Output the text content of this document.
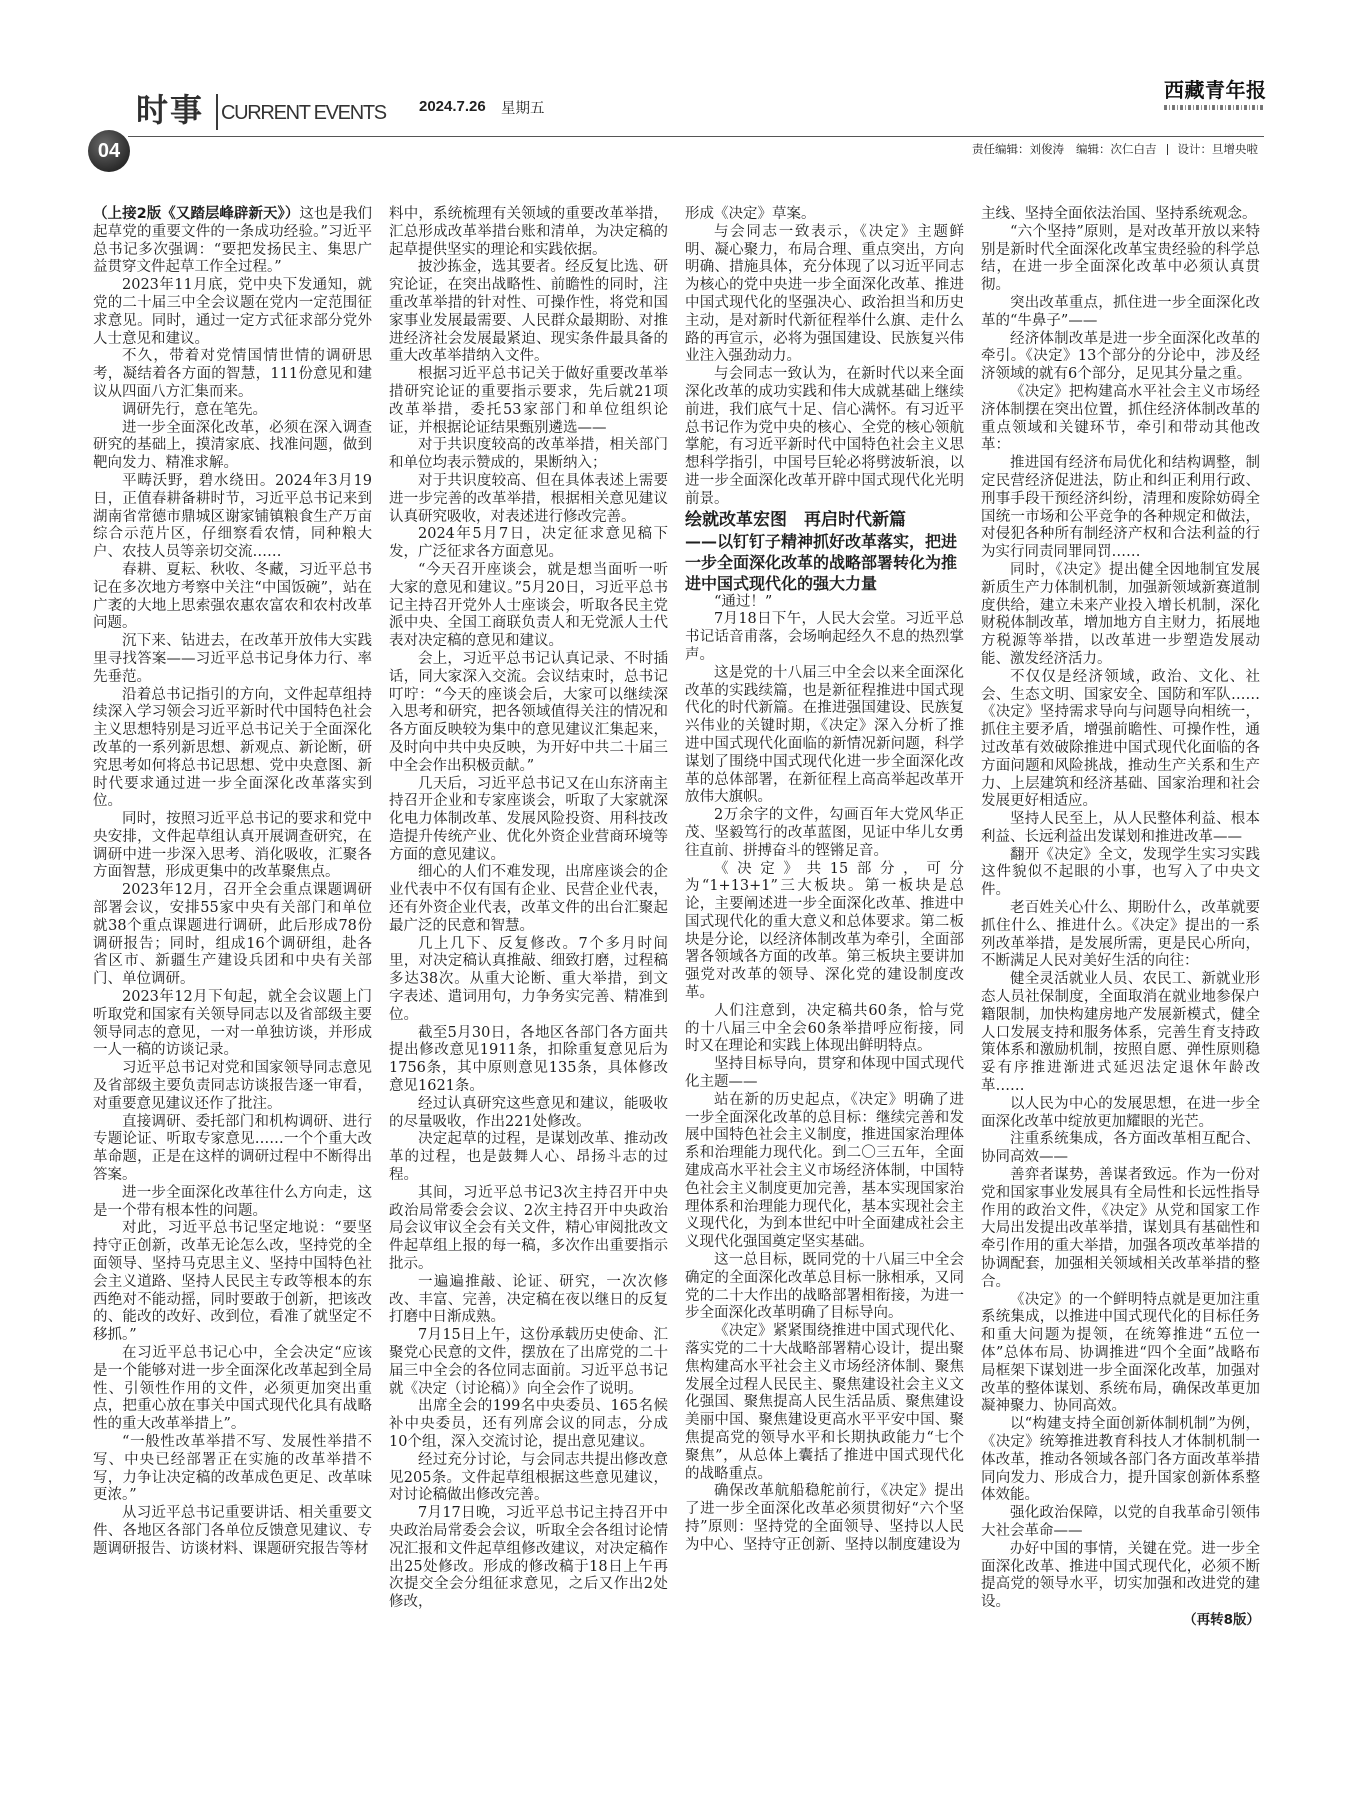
时事 CURRENT EVENTS 2024.7.26 星期五
西藏青年报
04	责任编辑：刘俊涛	编辑：次仁白吉	设计：旦增央啦

（上接2版《又踏层峰辟新天》）这也是我们起草党的重要文件的一条成功经验。”习近平总书记多次强调：“要把发扬民主、集思广益贯穿文件起草工作全过程。”

2023年11月底，党中央下发通知，就党的二十届三中全会议题在党内一定范围征求意见。同时，通过一定方式征求部分党外人士意见和建议。

不久，带着对党情国情世情的调研思考，凝结着各方面的智慧，111份意见和建议从四面八方汇集而来。

调研先行，意在笔先。

进一步全面深化改革，必须在深入调查研究的基础上，摸清家底、找准问题，做到靶向发力、精准求解。

平畴沃野，碧水绕田。2024年3月19日，正值春耕备耕时节，习近平总书记来到湖南省常德市鼎城区谢家铺镇粮食生产万亩综合示范片区，仔细察看农情，同种粮大户、农技人员等亲切交流……

春耕、夏耘、秋收、冬藏，习近平总书记在多次地方考察中关注“中国饭碗”，站在广袤的大地上思索强农惠农富农和农村改革问题。

沉下来、钻进去，在改革开放伟大实践里寻找答案——习近平总书记身体力行、率先垂范。

沿着总书记指引的方向，文件起草组持续深入学习领会习近平新时代中国特色社会主义思想特别是习近平总书记关于全面深化改革的一系列新思想、新观点、新论断，研究思考如何将总书记思想、党中央意图、新时代要求通过进一步全面深化改革落实到位。

同时，按照习近平总书记的要求和党中央安排，文件起草组认真开展调查研究，在调研中进一步深入思考、消化吸收，汇聚各方面智慧，形成更集中的改革聚焦点。

2023年12月，召开全会重点课题调研部署会议，安排55家中央有关部门和单位就38个重点课题进行调研，此后形成78份调研报告；同时，组成16个调研组，赴各省区市、新疆生产建设兵团和中央有关部门、单位调研。

2023年12月下旬起，就全会议题上门听取党和国家有关领导同志以及省部级主要领导同志的意见，一对一单独访谈，并形成一人一稿的访谈记录。

习近平总书记对党和国家领导同志意见及省部级主要负责同志访谈报告逐一审看，对重要意见建议还作了批注。

直接调研、委托部门和机构调研、进行专题论证、听取专家意见……一个个重大改革命题，正是在这样的调研过程中不断得出答案。

进一步全面深化改革往什么方向走，这是一个带有根本性的问题。

对此，习近平总书记坚定地说：“要坚持守正创新，改革无论怎么改，坚持党的全面领导、坚持马克思主义、坚持中国特色社会主义道路、坚持人民民主专政等根本的东西绝对不能动摇，同时要敢于创新，把该改的、能改的改好、改到位，看准了就坚定不移抓。”

在习近平总书记心中，全会决定“应该是一个能够对进一步全面深化改革起到全局性、引领性作用的文件，必须更加突出重点，把重心放在事关中国式现代化具有战略性的重大改革举措上”。

“一般性改革举措不写、发展性举措不写、中央已经部署正在实施的改革举措不写，力争让决定稿的改革成色更足、改革味更浓。”

从习近平总书记重要讲话、相关重要文件、各地区各部门各单位反馈意见建议、专题调研报告、访谈材料、课题研究报告等材

料中，系统梳理有关领域的重要改革举措，汇总形成改革举措台账和清单，为决定稿的起草提供坚实的理论和实践依据。

披沙拣金，选其要者。经反复比选、研究论证，在突出战略性、前瞻性的同时，注重改革举措的针对性、可操作性，将党和国家事业发展最需要、人民群众最期盼、对推进经济社会发展最紧迫、现实条件最具备的重大改革举措纳入文件。

根据习近平总书记关于做好重要改革举措研究论证的重要指示要求，先后就21项改革举措，委托53家部门和单位组织论证，并根据论证结果甄别遴选——

对于共识度较高的改革举措，相关部门和单位均表示赞成的，果断纳入；

对于共识度较高、但在具体表述上需要进一步完善的改革举措，根据相关意见建议认真研究吸收，对表述进行修改完善。

2024年5月7日，决定征求意见稿下发，广泛征求各方面意见。

“今天召开座谈会，就是想当面听一听大家的意见和建议。”5月20日，习近平总书记主持召开党外人士座谈会，听取各民主党派中央、全国工商联负责人和无党派人士代表对决定稿的意见和建议。

会上，习近平总书记认真记录、不时插话，同大家深入交流。会议结束时，总书记叮咛：“今天的座谈会后，大家可以继续深入思考和研究，把各领域值得关注的情况和各方面反映较为集中的意见建议汇集起来，及时向中共中央反映，为开好中共二十届三中全会作出积极贡献。”

几天后，习近平总书记又在山东济南主持召开企业和专家座谈会，听取了大家就深化电力体制改革、发展风险投资、用科技改造提升传统产业、优化外资企业营商环境等方面的意见建议。

细心的人们不难发现，出席座谈会的企业代表中不仅有国有企业、民营企业代表，还有外资企业代表，改革文件的出台汇聚起最广泛的民意和智慧。

几上几下、反复修改。7个多月时间里，对决定稿认真推敲、细致打磨，过程稿多达38次。从重大论断、重大举措，到文字表述、遣词用句，力争务实完善、精准到位。

截至5月30日，各地区各部门各方面共提出修改意见1911条，扣除重复意见后为1756条，其中原则意见135条，具体修改意见1621条。

经过认真研究这些意见和建议，能吸收的尽量吸收，作出221处修改。

决定起草的过程，是谋划改革、推动改革的过程，也是鼓舞人心、昂扬斗志的过程。

其间，习近平总书记3次主持召开中央政治局常委会会议、2次主持召开中央政治局会议审议全会有关文件，精心审阅批改文件起草组上报的每一稿，多次作出重要指示批示。

一遍遍推敲、论证、研究，一次次修改、丰富、完善，决定稿在夜以继日的反复打磨中日渐成熟。

7月15日上午，这份承载历史使命、汇聚党心民意的文件，摆放在了出席党的二十届三中全会的各位同志面前。习近平总书记就《决定（讨论稿）》向全会作了说明。

出席全会的199名中央委员、165名候补中央委员，还有列席会议的同志，分成10个组，深入交流讨论，提出意见建议。

经过充分讨论，与会同志共提出修改意见205条。文件起草组根据这些意见建议，对讨论稿做出修改完善。

7月17日晚，习近平总书记主持召开中央政治局常委会会议，听取全会各组讨论情况汇报和文件起草组修改建议，对决定稿作出25处修改。形成的修改稿于18日上午再次提交全会分组征求意见，之后又作出2处修改，

形成《决定》草案。

与会同志一致表示，《决定》主题鲜明、凝心聚力，布局合理、重点突出，方向明确、措施具体，充分体现了以习近平同志为核心的党中央进一步全面深化改革、推进中国式现代化的坚强决心、政治担当和历史主动，是对新时代新征程举什么旗、走什么路的再宣示，必将为强国建设、民族复兴伟业注入强劲动力。

与会同志一致认为，在新时代以来全面深化改革的成功实践和伟大成就基础上继续前进，我们底气十足、信心满怀。有习近平总书记作为党中央的核心、全党的核心领航掌舵，有习近平新时代中国特色社会主义思想科学指引，中国号巨轮必将劈波斩浪，以进一步全面深化改革开辟中国式现代化光明前景。

绘就改革宏图　再启时代新篇

——以钉钉子精神抓好改革落实，把进一步全面深化改革的战略部署转化为推进中国式现代化的强大力量

“通过！”

7月18日下午，人民大会堂。习近平总书记话音甫落，会场响起经久不息的热烈掌声。

这是党的十八届三中全会以来全面深化改革的实践续篇，也是新征程推进中国式现代化的时代新篇。在推进强国建设、民族复兴伟业的关键时期，《决定》深入分析了推进中国式现代化面临的新情况新问题，科学谋划了围绕中国式现代化进一步全面深化改革的总体部署，在新征程上高高举起改革开放伟大旗帜。

2万余字的文件，勾画百年大党风华正茂、坚毅笃行的改革蓝图，见证中华儿女勇往直前、拼搏奋斗的铿锵足音。

《决定》共15部分，可分为“1+13+1”三大板块。第一板块是总论，主要阐述进一步全面深化改革、推进中国式现代化的重大意义和总体要求。第二板块是分论，以经济体制改革为牵引，全面部署各领域各方面的改革。第三板块主要讲加强党对改革的领导、深化党的建设制度改革。

人们注意到，决定稿共60条，恰与党的十八届三中全会60条举措呼应衔接，同时又在理论和实践上体现出鲜明特点。

坚持目标导向，贯穿和体现中国式现代化主题——

站在新的历史起点，《决定》明确了进一步全面深化改革的总目标：继续完善和发展中国特色社会主义制度，推进国家治理体系和治理能力现代化。到二〇三五年，全面建成高水平社会主义市场经济体制，中国特色社会主义制度更加完善，基本实现国家治理体系和治理能力现代化，基本实现社会主义现代化，为到本世纪中叶全面建成社会主义现代化强国奠定坚实基础。

这一总目标，既同党的十八届三中全会确定的全面深化改革总目标一脉相承，又同党的二十大作出的战略部署相衔接，为进一步全面深化改革明确了目标导向。

《决定》紧紧围绕推进中国式现代化、落实党的二十大战略部署精心设计，提出聚焦构建高水平社会主义市场经济体制、聚焦发展全过程人民民主、聚焦建设社会主义文化强国、聚焦提高人民生活品质、聚焦建设美丽中国、聚焦建设更高水平平安中国、聚焦提高党的领导水平和长期执政能力“七个聚焦”，从总体上囊括了推进中国式现代化的战略重点。

确保改革航船稳舵前行，《决定》提出了进一步全面深化改革必须贯彻好“六个坚持”原则：坚持党的全面领导、坚持以人民为中心、坚持守正创新、坚持以制度建设为

主线、坚持全面依法治国、坚持系统观念。

“六个坚持”原则，是对改革开放以来特别是新时代全面深化改革宝贵经验的科学总结，在进一步全面深化改革中必须认真贯彻。

突出改革重点，抓住进一步全面深化改革的“牛鼻子”——

经济体制改革是进一步全面深化改革的牵引。《决定》13个部分的分论中，涉及经济领域的就有6个部分，足见其分量之重。

《决定》把构建高水平社会主义市场经济体制摆在突出位置，抓住经济体制改革的重点领域和关键环节，牵引和带动其他改革：

推进国有经济布局优化和结构调整，制定民营经济促进法，防止和纠正利用行政、刑事手段干预经济纠纷，清理和废除妨碍全国统一市场和公平竞争的各种规定和做法，对侵犯各种所有制经济产权和合法利益的行为实行同责同罪同罚……

同时，《决定》提出健全因地制宜发展新质生产力体制机制，加强新领域新赛道制度供给，建立未来产业投入增长机制，深化财税体制改革，增加地方自主财力，拓展地方税源等举措，以改革进一步塑造发展动能、激发经济活力。

不仅仅是经济领域，政治、文化、社会、生态文明、国家安全、国防和军队……《决定》坚持需求导向与问题导向相统一，抓住主要矛盾，增强前瞻性、可操作性，通过改革有效破除推进中国式现代化面临的各方面问题和风险挑战，推动生产关系和生产力、上层建筑和经济基础、国家治理和社会发展更好相适应。

坚持人民至上，从人民整体利益、根本利益、长远利益出发谋划和推进改革——

翻开《决定》全文，发现学生实习实践这件貌似不起眼的小事，也写入了中央文件。

老百姓关心什么、期盼什么，改革就要抓住什么、推进什么。《决定》提出的一系列改革举措，是发展所需，更是民心所向，不断满足人民对美好生活的向往：

健全灵活就业人员、农民工、新就业形态人员社保制度，全面取消在就业地参保户籍限制，加快构建房地产发展新模式，健全人口发展支持和服务体系，完善生育支持政策体系和激励机制，按照自愿、弹性原则稳妥有序推进渐进式延迟法定退休年龄改革……

以人民为中心的发展思想，在进一步全面深化改革中绽放更加耀眼的光芒。

注重系统集成，各方面改革相互配合、协同高效——

善弈者谋势，善谋者致远。作为一份对党和国家事业发展具有全局性和长远性指导作用的政治文件，《决定》从党和国家工作大局出发提出改革举措，谋划具有基础性和牵引作用的重大举措，加强各项改革举措的协调配套，加强相关领域相关改革举措的整合。

《决定》的一个鲜明特点就是更加注重系统集成，以推进中国式现代化的目标任务和重大问题为提领，在统筹推进“五位一体”总体布局、协调推进“四个全面”战略布局框架下谋划进一步全面深化改革，加强对改革的整体谋划、系统布局，确保改革更加凝神聚力、协同高效。

以“构建支持全面创新体制机制”为例，《决定》统筹推进教育科技人才体制机制一体改革，推动各领域各部门各方面改革举措同向发力、形成合力，提升国家创新体系整体效能。

强化政治保障，以党的自我革命引领伟大社会革命——

办好中国的事情，关键在党。进一步全面深化改革、推进中国式现代化，必须不断提高党的领导水平，切实加强和改进党的建设。

（再转8版）
